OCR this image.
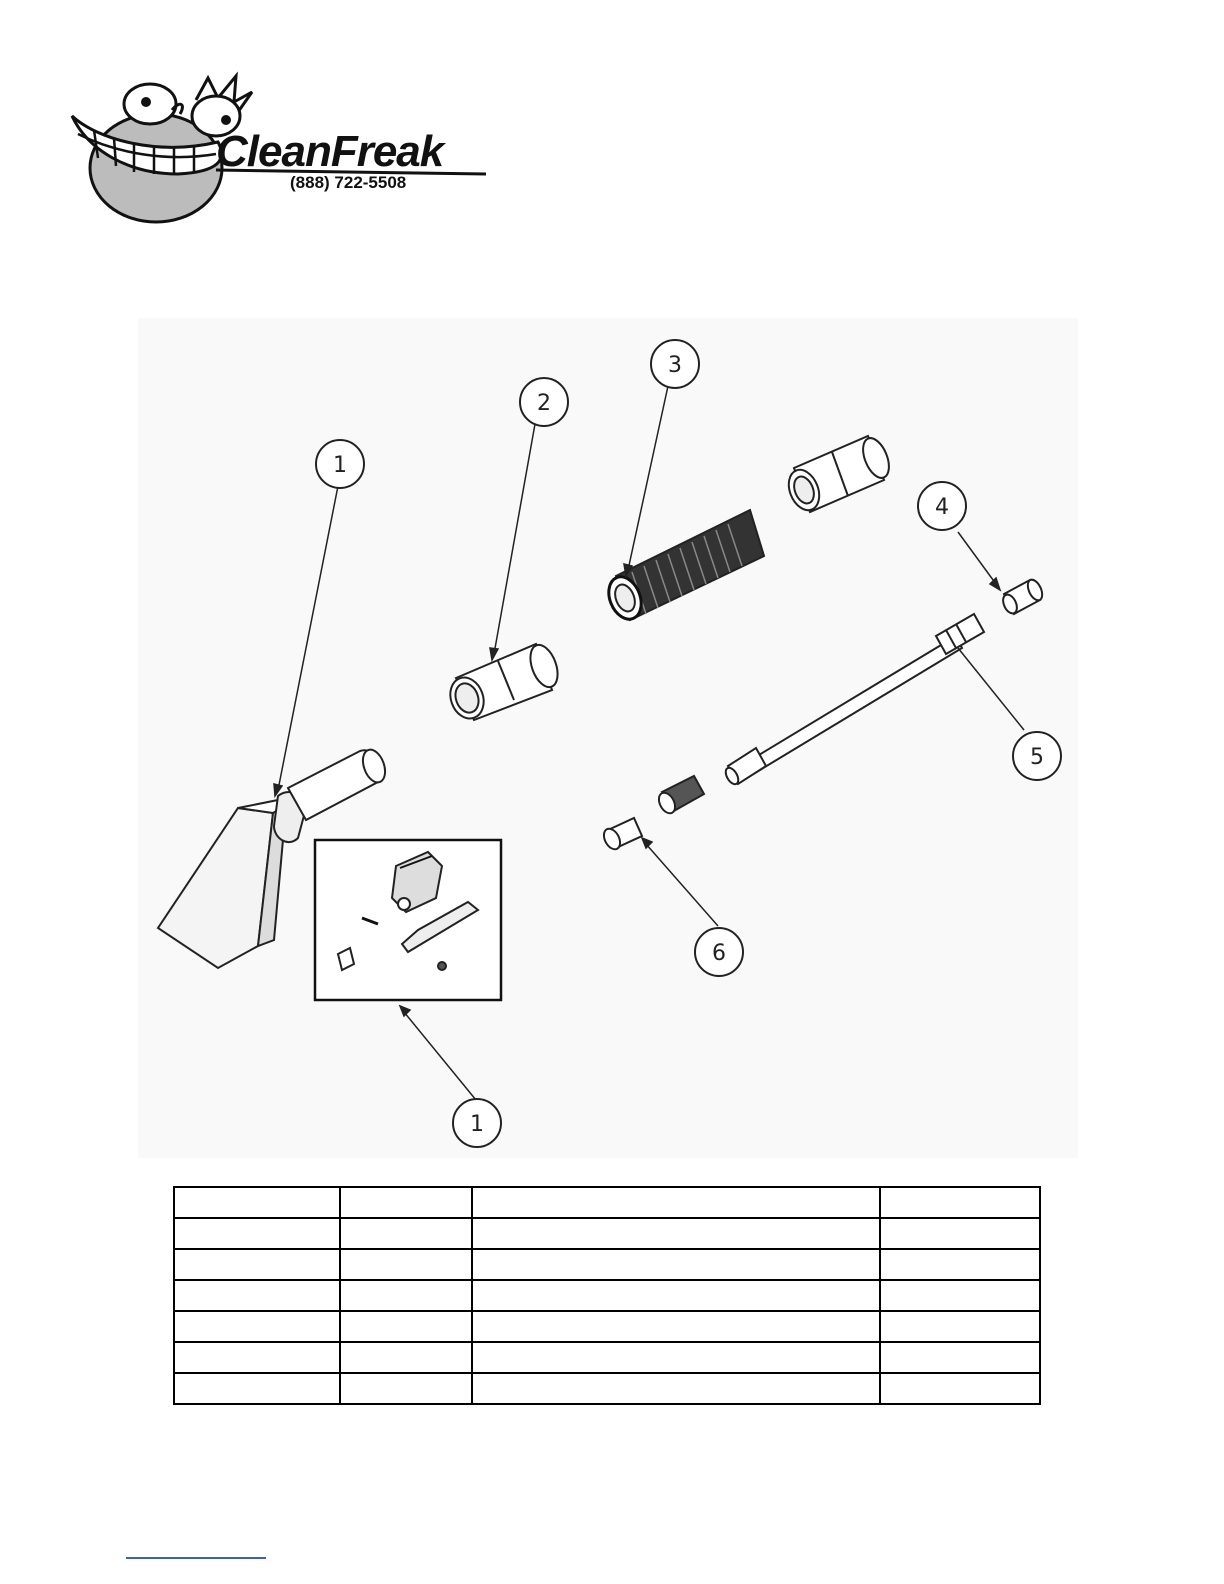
CleanFreak
(888) 722-5508
1
2
3
4
5
6
1
